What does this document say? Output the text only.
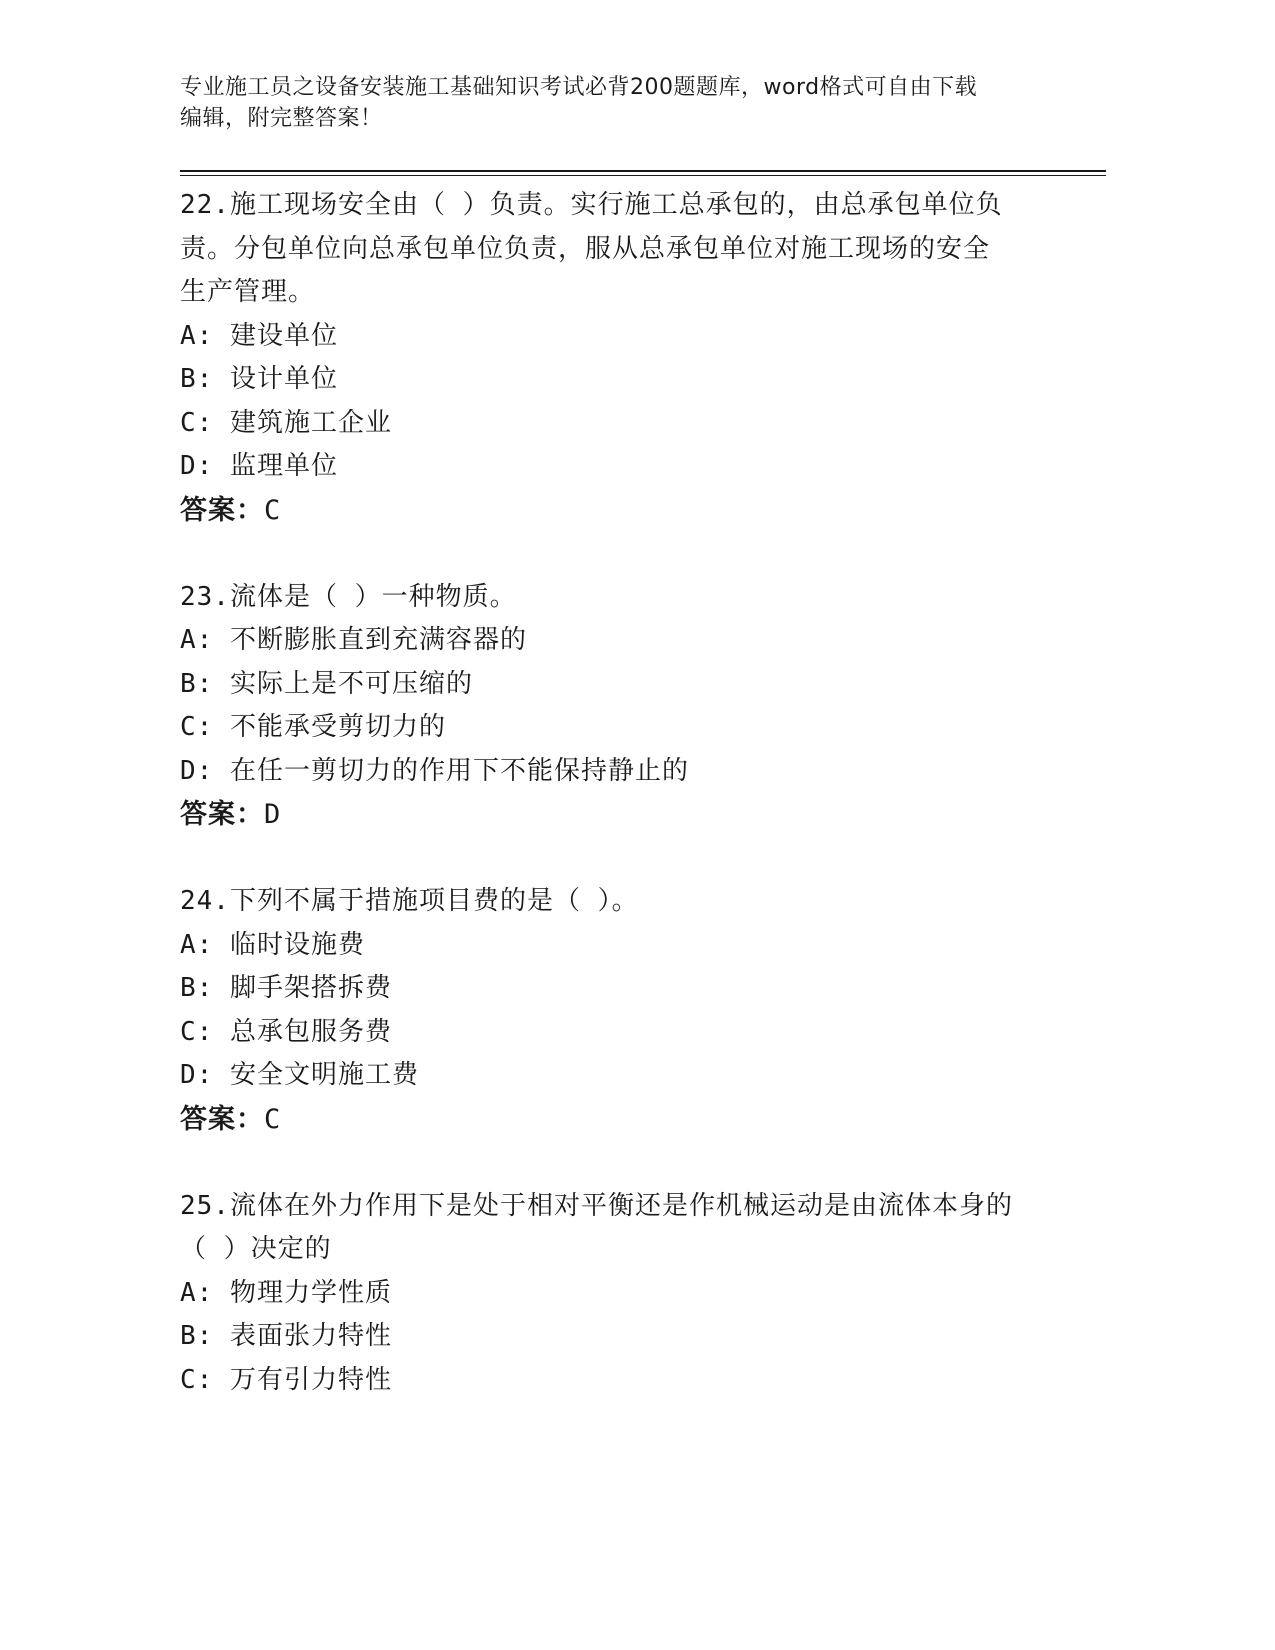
专业施工员之设备安装施工基础知识考试必背200题题库，word格式可自由下载
编辑，附完整答案！
22.施工现场安全由（ ）负责。实行施工总承包的，由总承包单位负
责。分包单位向总承包单位负责，服从总承包单位对施工现场的安全
生产管理。
A: 建设单位
B: 设计单位
C: 建筑施工企业
D: 监理单位
答案：C
23.流体是（ ）一种物质。
A: 不断膨胀直到充满容器的
B: 实际上是不可压缩的
C: 不能承受剪切力的
D: 在任一剪切力的作用下不能保持静止的
答案：D
24.下列不属于措施项目费的是（ ）。
A: 临时设施费
B: 脚手架搭拆费
C: 总承包服务费
D: 安全文明施工费
答案：C
25.流体在外力作用下是处于相对平衡还是作机械运动是由流体本身的
（ ）决定的
A: 物理力学性质
B: 表面张力特性
C: 万有引力特性
